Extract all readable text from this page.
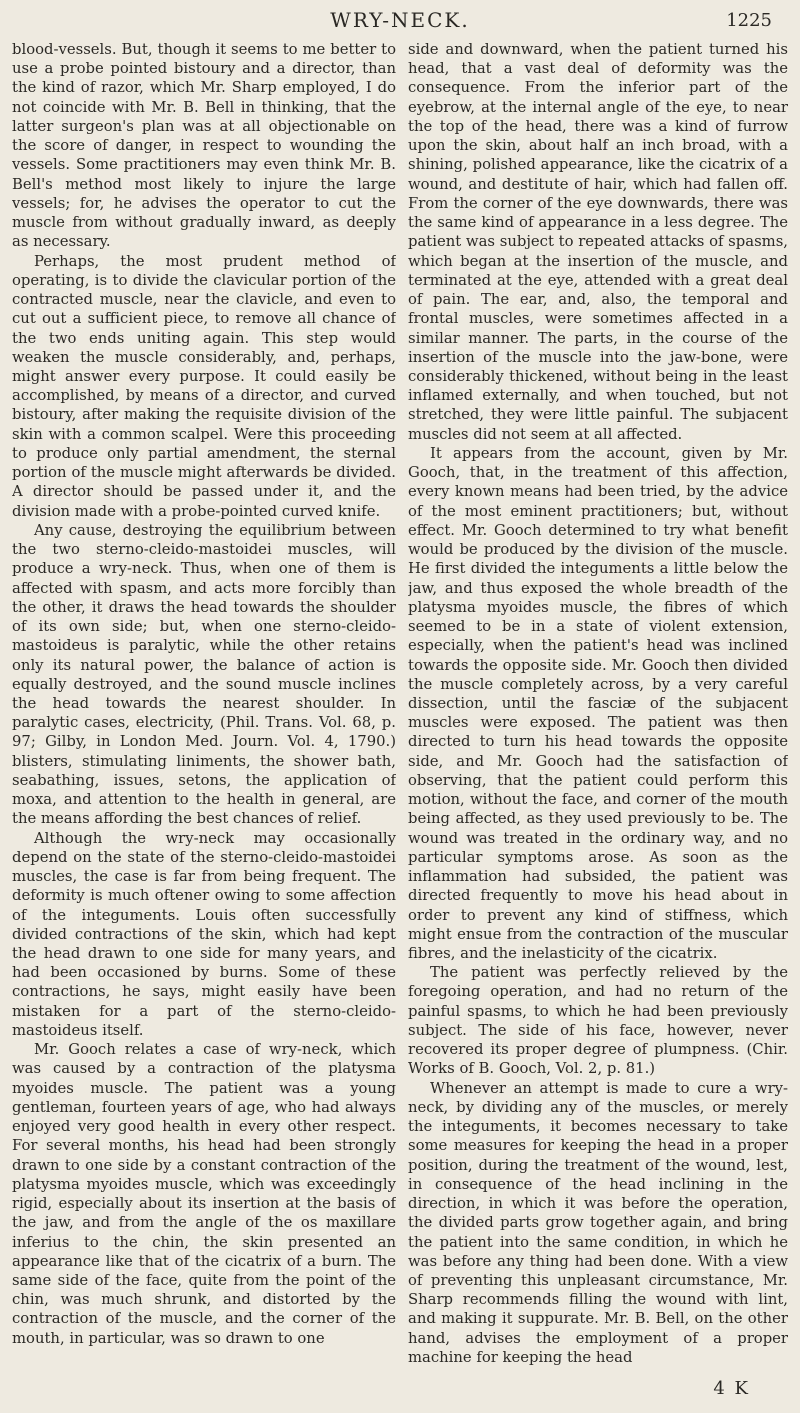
WRY-NECK.	1225

blood-vessels. But, though it seems to me better to use a probe pointed bistoury and a director, than the kind of razor, which Mr. Sharp employed, I do not coincide with Mr. B. Bell in thinking, that the latter surgeon's plan was at all objectionable on the score of danger, in respect to wounding the vessels. Some practitioners may even think Mr. B. Bell's method most likely to injure the large vessels; for, he advises the operator to cut the muscle from without gradually inward, as deeply as necessary.

Perhaps, the most prudent method of operating, is to divide the clavicular portion of the contracted muscle, near the clavicle, and even to cut out a sufficient piece, to remove all chance of the two ends uniting again. This step would weaken the muscle considerably, and, perhaps, might answer every purpose. It could easily be accomplished, by means of a director, and curved bistoury, after making the requisite division of the skin with a common scalpel. Were this proceeding to produce only partial amendment, the sternal portion of the muscle might afterwards be divided. A director should be passed under it, and the division made with a probe-pointed curved knife.

Any cause, destroying the equilibrium between the two sterno-cleido-mastoidei muscles, will produce a wry-neck. Thus, when one of them is affected with spasm, and acts more forcibly than the other, it draws the head towards the shoulder of its own side; but, when one sterno-cleido-mastoideus is paralytic, while the other retains only its natural power, the balance of action is equally destroyed, and the sound muscle inclines the head towards the nearest shoulder. In paralytic cases, electricity, (Phil. Trans. Vol. 68, p. 97; Gilby, in London Med. Journ. Vol. 4, 1790.) blisters, stimulating liniments, the shower bath, seabathing, issues, setons, the application of moxa, and attention to the health in general, are the means affording the best chances of relief.

Although the wry-neck may occasionally depend on the state of the sterno-cleido-mastoidei muscles, the case is far from being frequent. The deformity is much oftener owing to some affection of the integuments. Louis often successfully divided contractions of the skin, which had kept the head drawn to one side for many years, and had been occasioned by burns. Some of these contractions, he says, might easily have been mistaken for a part of the sterno-cleido-mastoideus itself.

Mr. Gooch relates a case of wry-neck, which was caused by a contraction of the platysma myoides muscle. The patient was a young gentleman, fourteen years of age, who had always enjoyed very good health in every other respect. For several months, his head had been strongly drawn to one side by a constant contraction of the platysma myoides muscle, which was exceedingly rigid, especially about its insertion at the basis of the jaw, and from the angle of the os maxillare inferius to the chin, the skin presented an appearance like that of the cicatrix of a burn. The same side of the face, quite from the point of the chin, was much shrunk, and distorted by the contraction of the muscle, and the corner of the mouth, in particular, was so drawn to one

side and downward, when the patient turned his head, that a vast deal of deformity was the consequence. From the inferior part of the eyebrow, at the internal angle of the eye, to near the top of the head, there was a kind of furrow upon the skin, about half an inch broad, with a shining, polished appearance, like the cicatrix of a wound, and destitute of hair, which had fallen off. From the corner of the eye downwards, there was the same kind of appearance in a less degree. The patient was subject to repeated attacks of spasms, which began at the insertion of the muscle, and terminated at the eye, attended with a great deal of pain. The ear, and, also, the temporal and frontal muscles, were sometimes affected in a similar manner. The parts, in the course of the insertion of the muscle into the jaw-bone, were considerably thickened, without being in the least inflamed externally, and when touched, but not stretched, they were little painful. The subjacent muscles did not seem at all affected.

It appears from the account, given by Mr. Gooch, that, in the treatment of this affection, every known means had been tried, by the advice of the most eminent practitioners; but, without effect. Mr. Gooch determined to try what benefit would be produced by the division of the muscle. He first divided the integuments a little below the jaw, and thus exposed the whole breadth of the platysma myoides muscle, the fibres of which seemed to be in a state of violent extension, especially, when the patient's head was inclined towards the opposite side. Mr. Gooch then divided the muscle completely across, by a very careful dissection, until the fasciæ of the subjacent muscles were exposed. The patient was then directed to turn his head towards the opposite side, and Mr. Gooch had the satisfaction of observing, that the patient could perform this motion, without the face, and corner of the mouth being affected, as they used previously to be. The wound was treated in the ordinary way, and no particular symptoms arose. As soon as the inflammation had subsided, the patient was directed frequently to move his head about in order to prevent any kind of stiffness, which might ensue from the contraction of the muscular fibres, and the inelasticity of the cicatrix.

The patient was perfectly relieved by the foregoing operation, and had no return of the painful spasms, to which he had been previously subject. The side of his face, however, never recovered its proper degree of plumpness. (Chir. Works of B. Gooch, Vol. 2, p. 81.)

Whenever an attempt is made to cure a wry-neck, by dividing any of the muscles, or merely the integuments, it becomes necessary to take some measures for keeping the head in a proper position, during the treatment of the wound, lest, in consequence of the head inclining in the direction, in which it was before the operation, the divided parts grow together again, and bring the patient into the same condition, in which he was before any thing had been done. With a view of preventing this unpleasant circumstance, Mr. Sharp recommends filling the wound with lint, and making it suppurate. Mr. B. Bell, on the other hand, advises the employment of a proper machine for keeping the head

4 K
